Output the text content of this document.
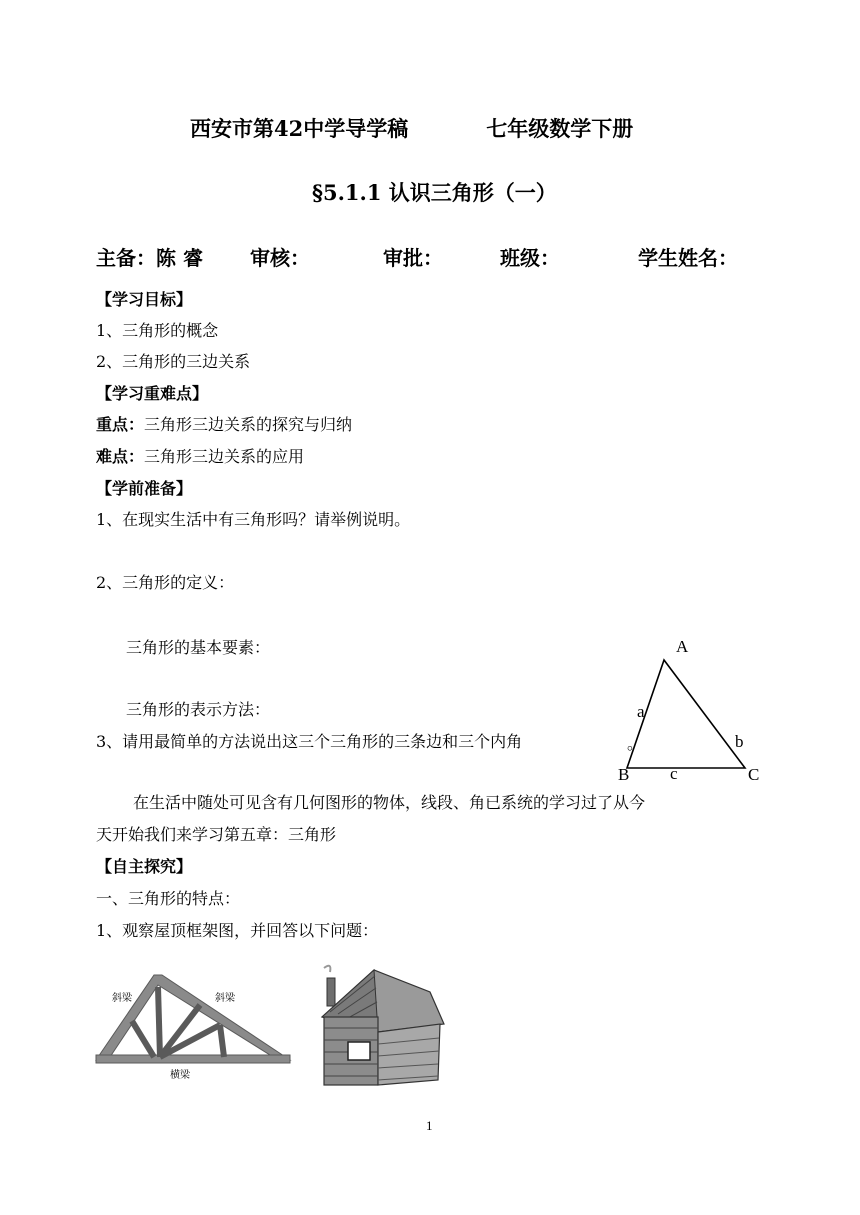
西安市第42中学导学稿	七年级数学下册
§5.1.1 认识三角形（一）
主备：陈 睿 审核：	审批：	班级：	学生姓名：
【学习目标】
1、三角形的概念
2、三角形的三边关系
【学习重难点】
重点：三角形三边关系的探究与归纳
难点：三角形三边关系的应用
【学前准备】
1、在现实生活中有三角形吗？请举例说明。
2、三角形的定义：
三角形的基本要素：
三角形的表示方法：
3、请用最简单的方法说出这三个三角形的三条边和三个内角	。
在生活中随处可见含有几何图形的物体，线段、角已系统的学习过了从今
天开始我们来学习第五章：三角形
【自主探究】
一、三角形的特点：
1、观察屋顶框架图，并回答以下问题：
A
B	C
a
b
c
斜梁	斜梁
横梁
1
